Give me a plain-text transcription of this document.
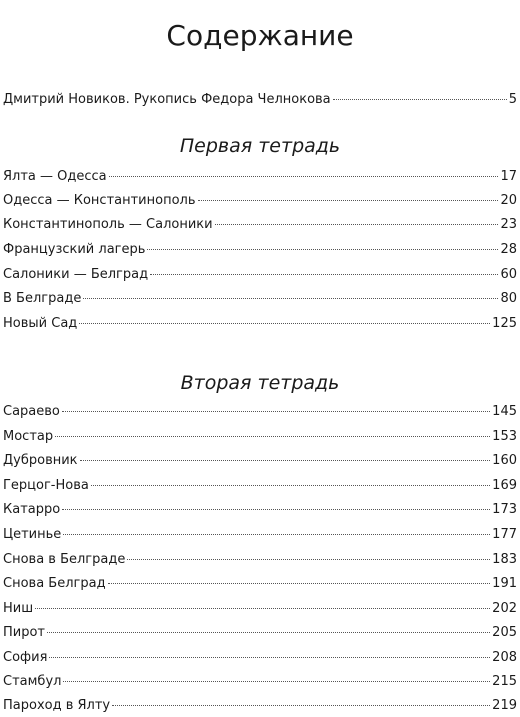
Содержание
Дмитрий Новиков. Рукопись Федора Челнокова	5
Первая тетрадь
Ялта — Одесса	17
Одесса — Константинополь	20
Константинополь — Салоники	23
Французский лагерь	28
Салоники — Белград	60
В Белграде	80
Новый Сад	125
Вторая тетрадь
Сараево	145
Мостар	153
Дубровник	160
Герцог-Нова	169
Катарро	173
Цетинье	177
Снова в Белграде	183
Снова Белград	191
Ниш	202
Пирот	205
София	208
Стамбул	215
Пароход в Ялту	219
